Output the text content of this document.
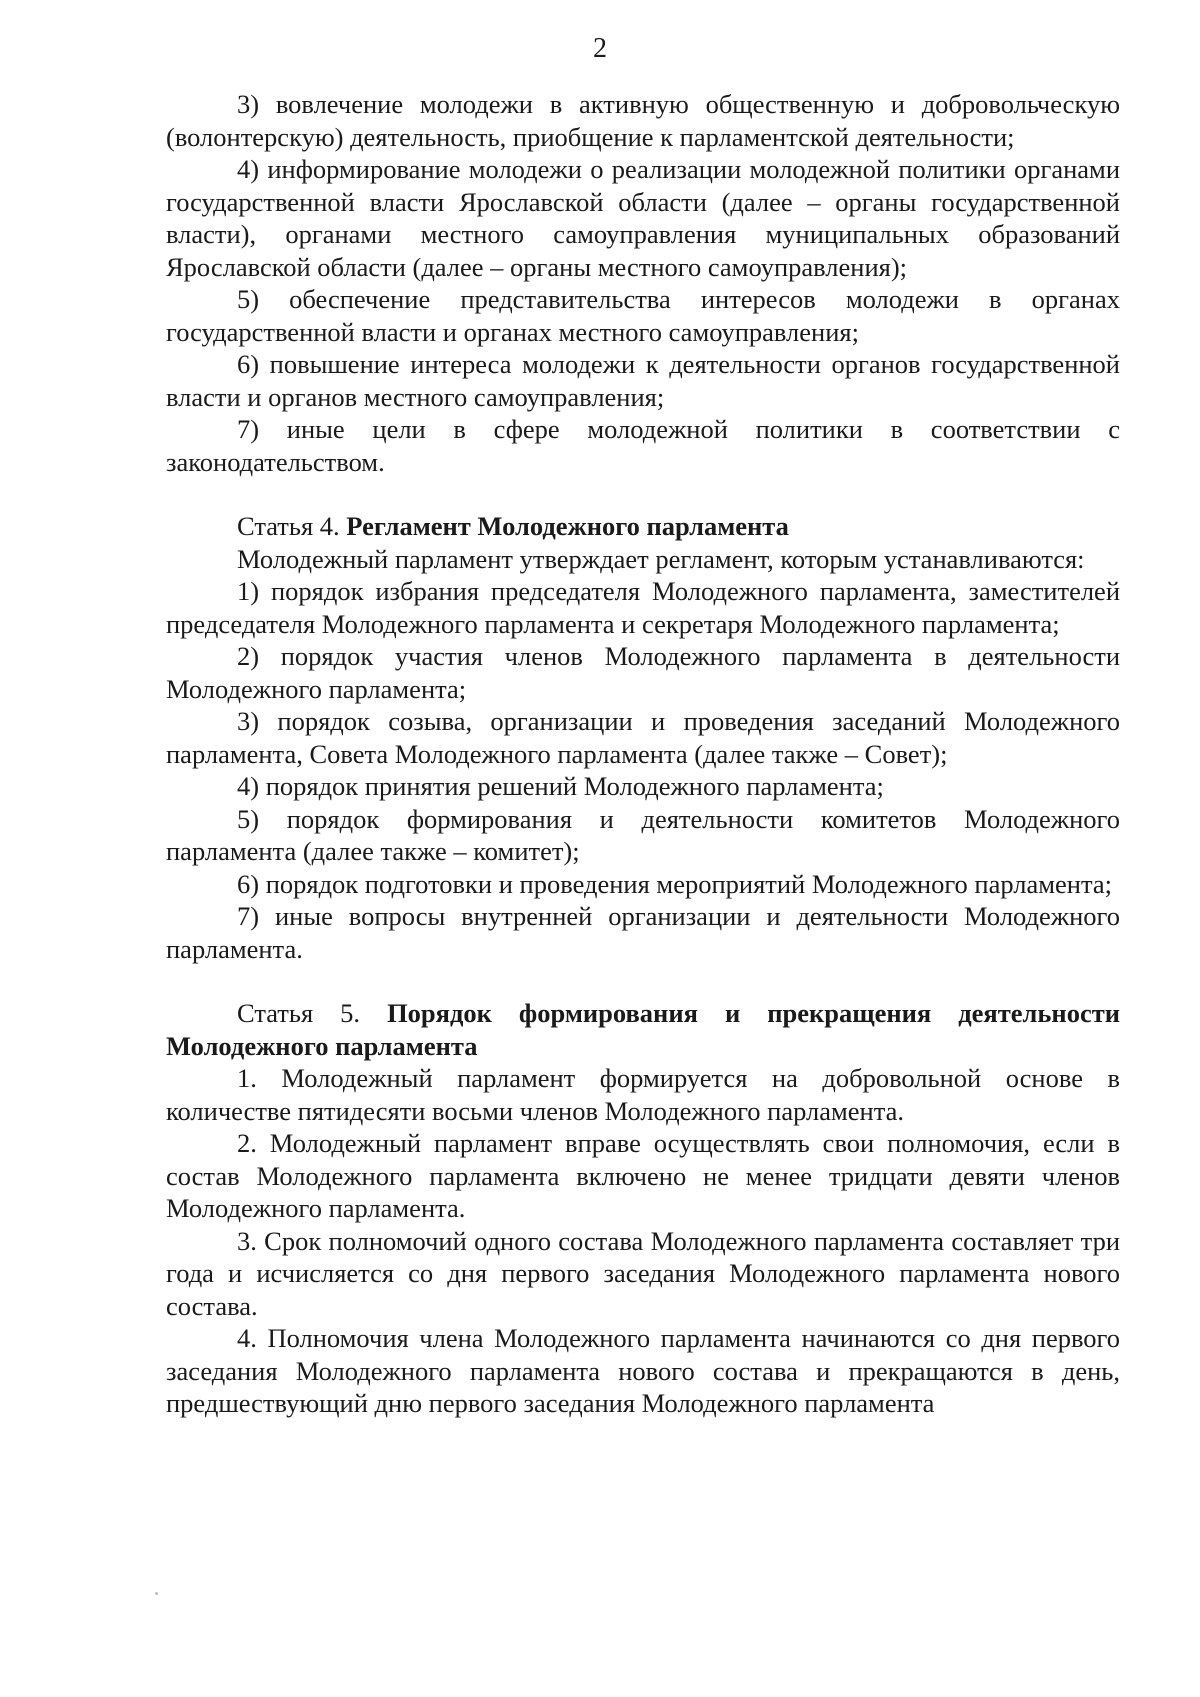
2

3) вовлечение молодежи в активную общественную и добровольческую (волонтерскую) деятельность, приобщение к парламентской деятельности;

4) информирование молодежи о реализации молодежной политики органами государственной власти Ярославской области (далее – органы государственной власти), органами местного самоуправления муниципальных образований Ярославской области (далее – органы местного самоуправления);

5) обеспечение представительства интересов молодежи в органах государственной власти и органах местного самоуправления;

6) повышение интереса молодежи к деятельности органов государственной власти и органов местного самоуправления;

7) иные цели в сфере молодежной политики в соответствии с законодательством.

Статья 4. Регламент Молодежного парламента

Молодежный парламент утверждает регламент, которым устанавливаются:

1) порядок избрания председателя Молодежного парламента, заместителей председателя Молодежного парламента и секретаря Молодежного парламента;

2) порядок участия членов Молодежного парламента в деятельности Молодежного парламента;

3) порядок созыва, организации и проведения заседаний Молодежного парламента, Совета Молодежного парламента (далее также – Совет);

4) порядок принятия решений Молодежного парламента;

5) порядок формирования и деятельности комитетов Молодежного парламента (далее также – комитет);

6) порядок подготовки и проведения мероприятий Молодежного парламента;

7) иные вопросы внутренней организации и деятельности Молодежного парламента.

Статья 5. Порядок формирования и прекращения деятельности Молодежного парламента

1. Молодежный парламент формируется на добровольной основе в количестве пятидесяти восьми членов Молодежного парламента.

2. Молодежный парламент вправе осуществлять свои полномочия, если в состав Молодежного парламента включено не менее тридцати девяти членов Молодежного парламента.

3. Срок полномочий одного состава Молодежного парламента составляет три года и исчисляется со дня первого заседания Молодежного парламента нового состава.

4. Полномочия члена Молодежного парламента начинаются со дня первого заседания Молодежного парламента нового состава и прекращаются в день, предшествующий дню первого заседания Молодежного парламента
